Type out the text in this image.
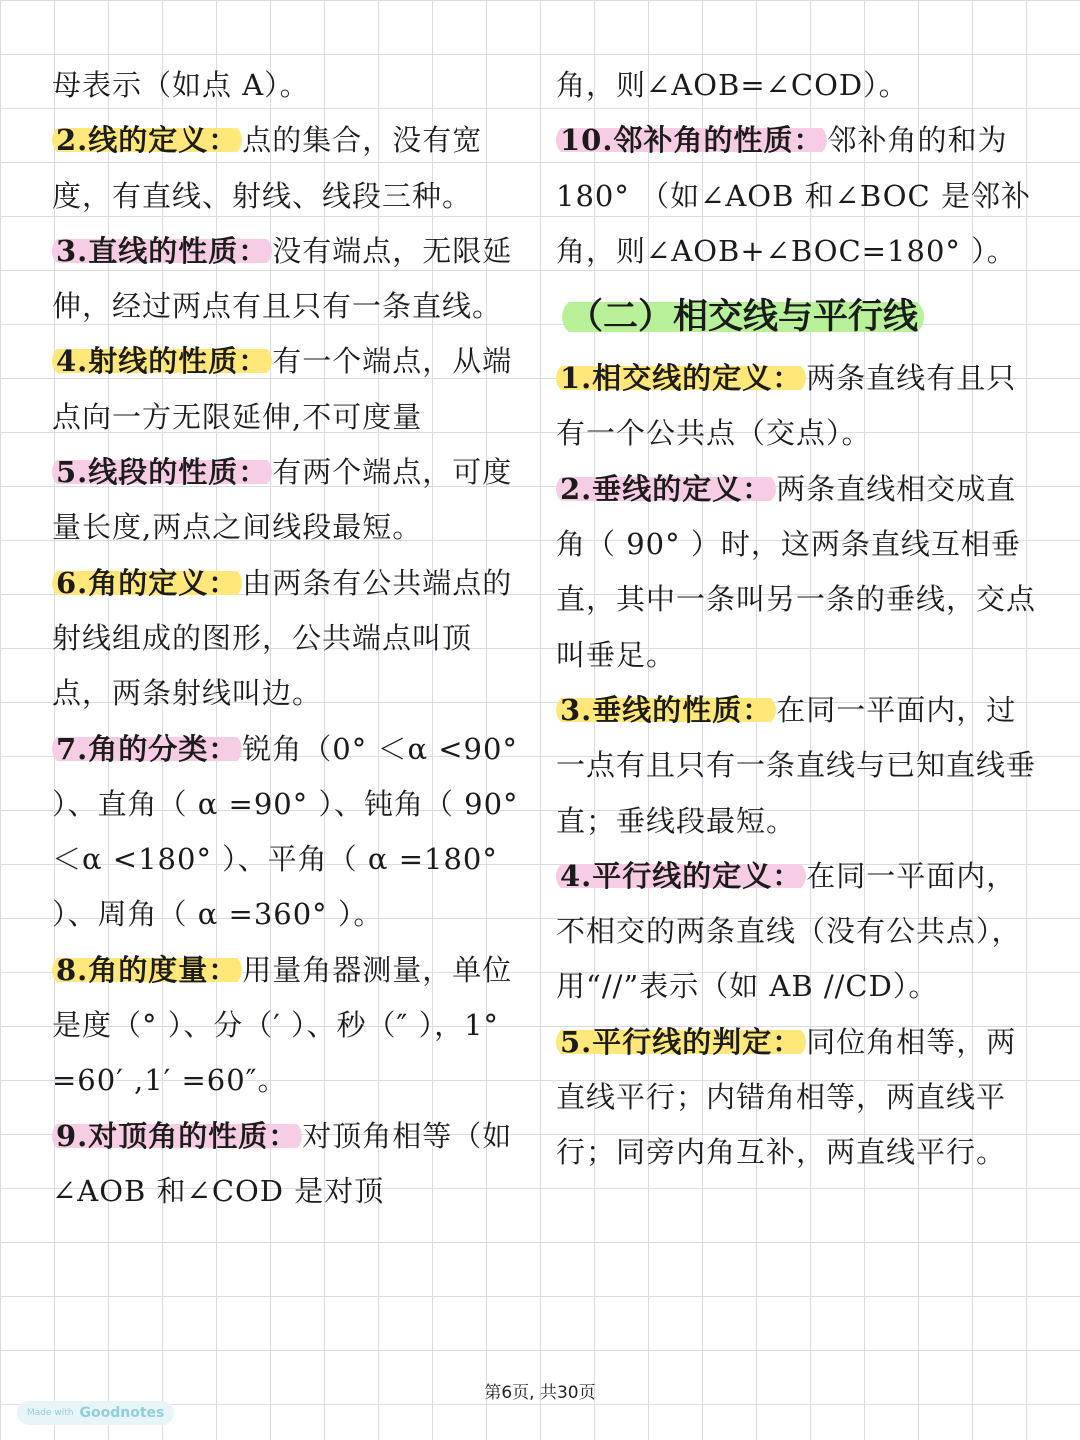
母表示（如点 A）。
2.线的定义： 点的集合，没有宽度，有直线、射线、线段三种。
3.直线的性质： 没有端点，无限延伸，经过两点有且只有一条直线。
4.射线的性质： 有一个端点，从端点向一方无限延伸,不可度量
5.线段的性质： 有两个端点，可度量长度,两点之间线段最短。
6.角的定义： 由两条有公共端点的射线组成的图形，公共端点叫顶点，两条射线叫边。
7.角的分类： 锐角（0° ＜α <90° ）、直角（ α =90° ）、钝角（ 90° ＜α <180° ）、平角（ α =180° ）、周角（ α =360° ）。
8.角的度量： 用量角器测量，单位是度（° ）、分（′ ）、秒（″ ），1° =60′ ,1′ =60″。
9.对顶角的性质： 对顶角相等（如∠AOB 和∠COD 是对顶
角，则∠AOB=∠COD）。
10.邻补角的性质： 邻补角的和为 180° （如∠AOB 和∠BOC 是邻补角，则∠AOB+∠BOC=180° ）。
（二）相交线与平行线
1.相交线的定义： 两条直线有且只有一个公共点（交点）。
2.垂线的定义： 两条直线相交成直角（ 90° ）时，这两条直线互相垂直，其中一条叫另一条的垂线，交点叫垂足。
3.垂线的性质： 在同一平面内，过一点有且只有一条直线与已知直线垂直；垂线段最短。
4.平行线的定义： 在同一平面内，不相交的两条直线（没有公共点），用“//”表示（如 AB //CD）。
5.平行线的判定： 同位角相等，两直线平行；内错角相等，两直线平行；同旁内角互补，两直线平行。
第6页, 共30页
Made with Goodnotes
